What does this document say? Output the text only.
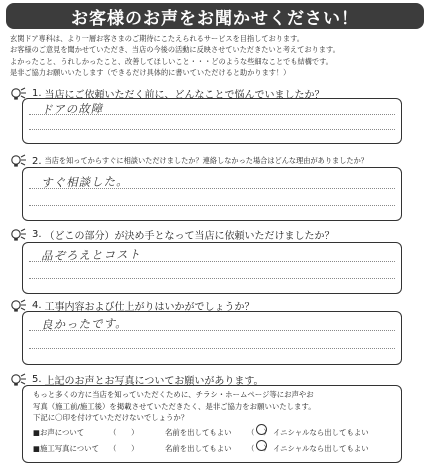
お客様のお声をお聞かせください！
玄関ドア専科は、より一層お客さまのご期待にこたえられるサービスを目指しております。
お客様のご意見を聞かせていただき、当店の今後の活動に反映させていただきたいと考えております。
よかったこと、うれしかったこと、改善してほしいこと・・・どのような些細なことでも結構です。
是非ご協力お願いいたします（できるだけ具体的に書いていただけると助かります！）
1. 当店にご依頼いただく前に、どんなことで悩んでいましたか？
ドアの故障
2. 当店を知ってからすぐに相談いただけましたか？連絡しなかった場合はどんな理由がありましたか？
すぐ相談した。
3. （どこの部分）が決め手となって当店に依頼いただけましたか？
品ぞろえとコスト
4. 工事内容および仕上がりはいかがでしょうか？
良かったです。
5. 上記のお声とお写真についてお願いがあります。
もっと多くの方に当店を知っていただくために、チラシ・ホームページ等にお声やお
写真（施工前/施工後）を掲載させていただきたく、是非ご協力をお願いいたします。
下記に〇印を付けていただけないでしょうか？
■お声について	（　　）	名前を出してもよい	（ ） イニシャルなら出してもよい
■施工写真について	（　　）	名前を出してもよい	（ ） イニシャルなら出してもよい
